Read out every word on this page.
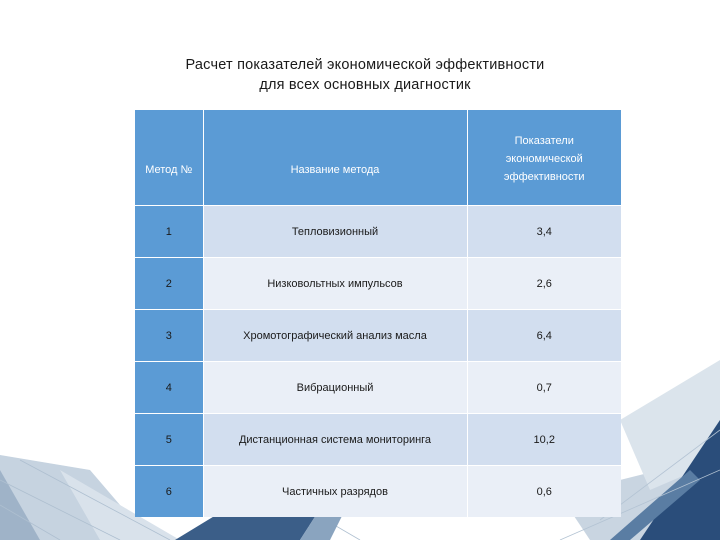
Расчет показателей экономической эффективности
для всех основных диагностик
Метод №	Название метода	Показатели экономической эффективности
1	Тепловизионный	3,4
2	Низковольтных импульсов	2,6
3	Хромотографический анализ масла	6,4
4	Вибрационный	0,7
5	Дистанционная система мониторинга	10,2
6	Частичных разрядов	0,6
